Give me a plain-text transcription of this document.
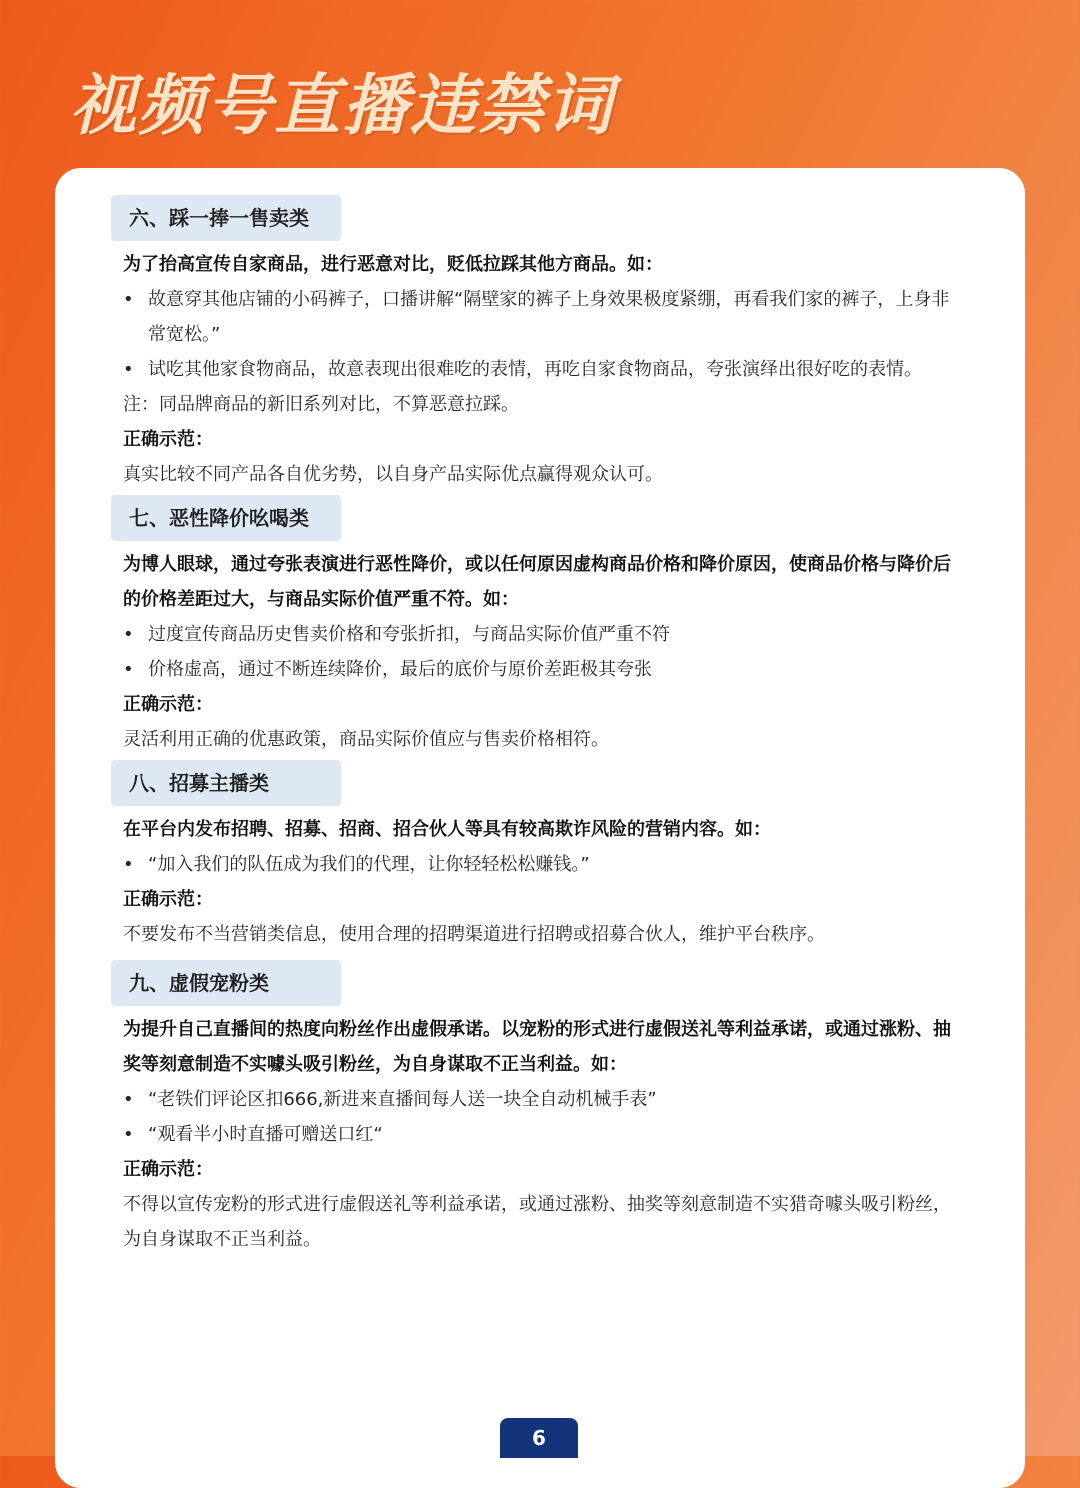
视频号直播违禁词
六、踩一捧一售卖类
为了抬高宣传自家商品，进行恶意对比，贬低拉踩其他方商品。如：
• 故意穿其他店铺的小码裤子，口播讲解“隔壁家的裤子上身效果极度紧绷，再看我们家的裤子，上身非常宽松。”
• 试吃其他家食物商品，故意表现出很难吃的表情，再吃自家食物商品，夸张演绎出很好吃的表情。
注：同品牌商品的新旧系列对比，不算恶意拉踩。
正确示范：
真实比较不同产品各自优劣势，以自身产品实际优点赢得观众认可。
七、恶性降价吆喝类
为博人眼球，通过夸张表演进行恶性降价，或以任何原因虚构商品价格和降价原因，使商品价格与降价后的价格差距过大，与商品实际价值严重不符。如：
• 过度宣传商品历史售卖价格和夸张折扣，与商品实际价值严重不符
• 价格虚高，通过不断连续降价，最后的底价与原价差距极其夸张
正确示范：
灵活利用正确的优惠政策，商品实际价值应与售卖价格相符。
八、招募主播类
在平台内发布招聘、招募、招商、招合伙人等具有较高欺诈风险的营销内容。如：
• “加入我们的队伍成为我们的代理，让你轻轻松松赚钱。”
正确示范：
不要发布不当营销类信息，使用合理的招聘渠道进行招聘或招募合伙人，维护平台秩序。
九、虚假宠粉类
为提升自己直播间的热度向粉丝作出虚假承诺。以宠粉的形式进行虚假送礼等利益承诺，或通过涨粉、抽奖等刻意制造不实噱头吸引粉丝，为自身谋取不正当利益。如：
• “老铁们评论区扣666,新进来直播间每人送一块全自动机械手表”
• “观看半小时直播可赠送口红“
正确示范：
不得以宣传宠粉的形式进行虚假送礼等利益承诺，或通过涨粉、抽奖等刻意制造不实猎奇噱头吸引粉丝，为自身谋取不正当利益。
6
